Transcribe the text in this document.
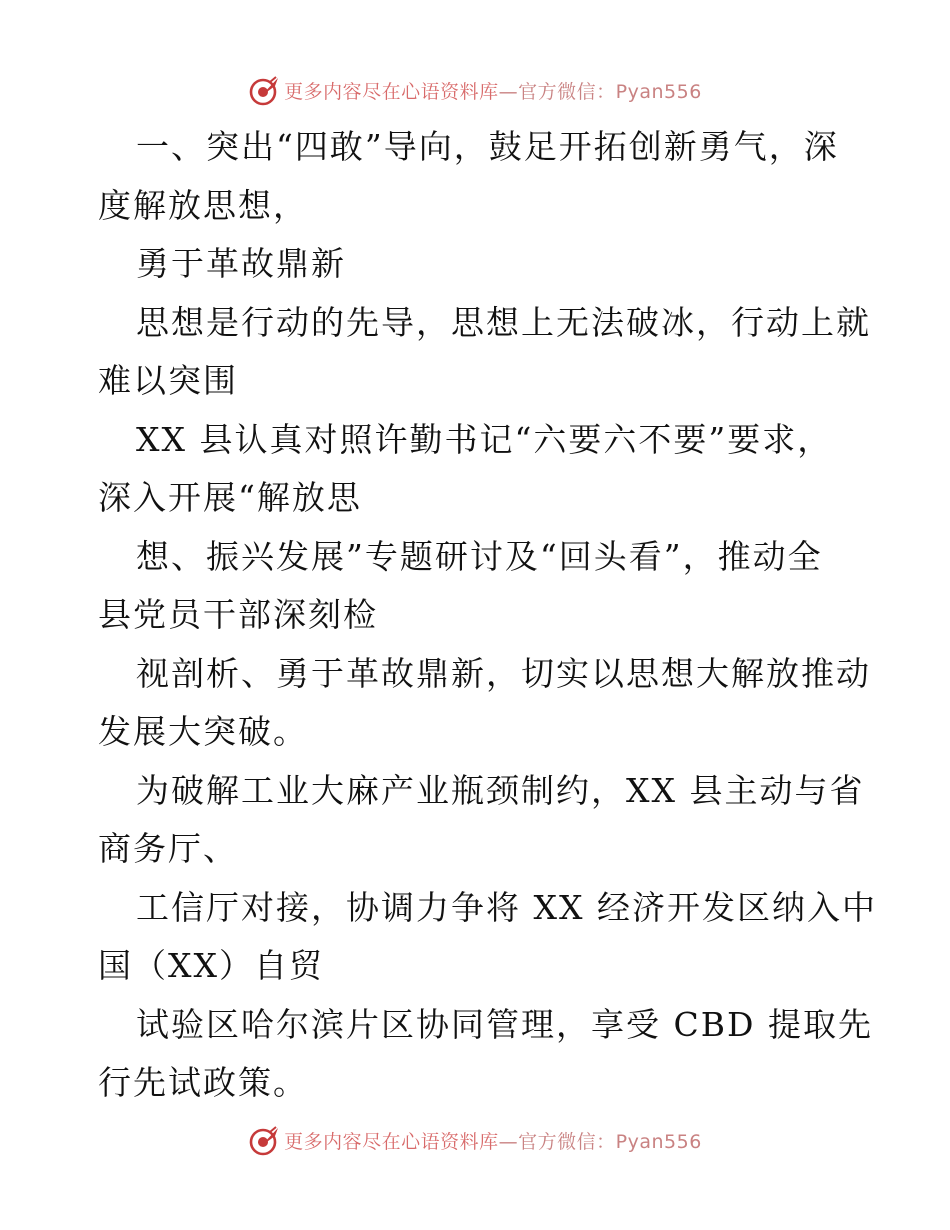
更多内容尽在心语资料库—官方微信：Pyan556
一、突出“四敢”导向，鼓足开拓创新勇气，深
度解放思想，
勇于革故鼎新
思想是行动的先导，思想上无法破冰，行动上就
难以突围
XX 县认真对照许勤书记“六要六不要”要求，
深入开展“解放思
想、振兴发展”专题研讨及“回头看”，推动全
县党员干部深刻检
视剖析、勇于革故鼎新，切实以思想大解放推动
发展大突破。
为破解工业大麻产业瓶颈制约，XX 县主动与省
商务厅、
工信厅对接，协调力争将 XX 经济开发区纳入中
国（XX）自贸
试验区哈尔滨片区协同管理，享受 CBD 提取先
行先试政策。
更多内容尽在心语资料库—官方微信：Pyan556
